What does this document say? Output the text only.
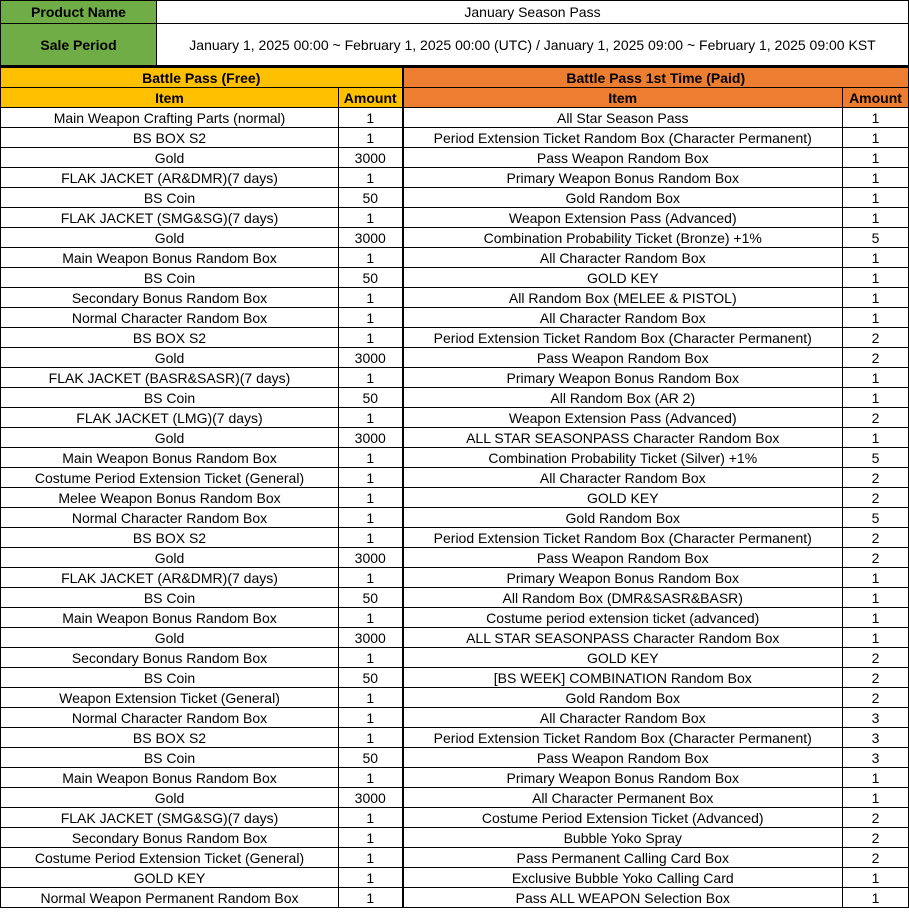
Product Name	January Season Pass
Sale Period	January 1, 2025 00:00 ~ February 1, 2025 00:00 (UTC) / January 1, 2025 09:00 ~ February 1, 2025 09:00 KST
Battle Pass (Free)		Battle Pass 1st Time (Paid)	
Item	Amount	Item	Amount
Main Weapon Crafting Parts (normal)	1	All Star Season Pass	1
BS BOX S2	1	Period Extension Ticket Random Box (Character Permanent)	1
Gold	3000	Pass Weapon Random Box	1
FLAK JACKET (AR&DMR)(7 days)	1	Primary Weapon Bonus Random Box	1
BS Coin	50	Gold Random Box	1
FLAK JACKET (SMG&SG)(7 days)	1	Weapon Extension Pass (Advanced)	1
Gold	3000	Combination Probability Ticket (Bronze) +1%	5
Main Weapon Bonus Random Box	1	All Character Random Box	1
BS Coin	50	GOLD KEY	1
Secondary Bonus Random Box	1	All Random Box (MELEE & PISTOL)	1
Normal Character Random Box	1	All Character Random Box	1
BS BOX S2	1	Period Extension Ticket Random Box (Character Permanent)	2
Gold	3000	Pass Weapon Random Box	2
FLAK JACKET (BASR&SASR)(7 days)	1	Primary Weapon Bonus Random Box	1
BS Coin	50	All Random Box (AR 2)	1
FLAK JACKET (LMG)(7 days)	1	Weapon Extension Pass (Advanced)	2
Gold	3000	ALL STAR SEASONPASS Character Random Box	1
Main Weapon Bonus Random Box	1	Combination Probability Ticket (Silver) +1%	5
Costume Period Extension Ticket (General)	1	All Character Random Box	2
Melee Weapon Bonus Random Box	1	GOLD KEY	2
Normal Character Random Box	1	Gold Random Box	5
BS BOX S2	1	Period Extension Ticket Random Box (Character Permanent)	2
Gold	3000	Pass Weapon Random Box	2
FLAK JACKET (AR&DMR)(7 days)	1	Primary Weapon Bonus Random Box	1
BS Coin	50	All Random Box (DMR&SASR&BASR)	1
Main Weapon Bonus Random Box	1	Costume period extension ticket (advanced)	1
Gold	3000	ALL STAR SEASONPASS Character Random Box	1
Secondary Bonus Random Box	1	GOLD KEY	2
BS Coin	50	[BS WEEK] COMBINATION Random Box	2
Weapon Extension Ticket (General)	1	Gold Random Box	2
Normal Character Random Box	1	All Character Random Box	3
BS BOX S2	1	Period Extension Ticket Random Box (Character Permanent)	3
BS Coin	50	Pass Weapon Random Box	3
Main Weapon Bonus Random Box	1	Primary Weapon Bonus Random Box	1
Gold	3000	All Character Permanent Box	1
FLAK JACKET (SMG&SG)(7 days)	1	Costume Period Extension Ticket (Advanced)	2
Secondary Bonus Random Box	1	Bubble Yoko Spray	2
Costume Period Extension Ticket (General)	1	Pass Permanent Calling Card Box	2
GOLD KEY	1	Exclusive Bubble Yoko Calling Card	1
Normal Weapon Permanent Random Box	1	Pass ALL WEAPON Selection Box	1
